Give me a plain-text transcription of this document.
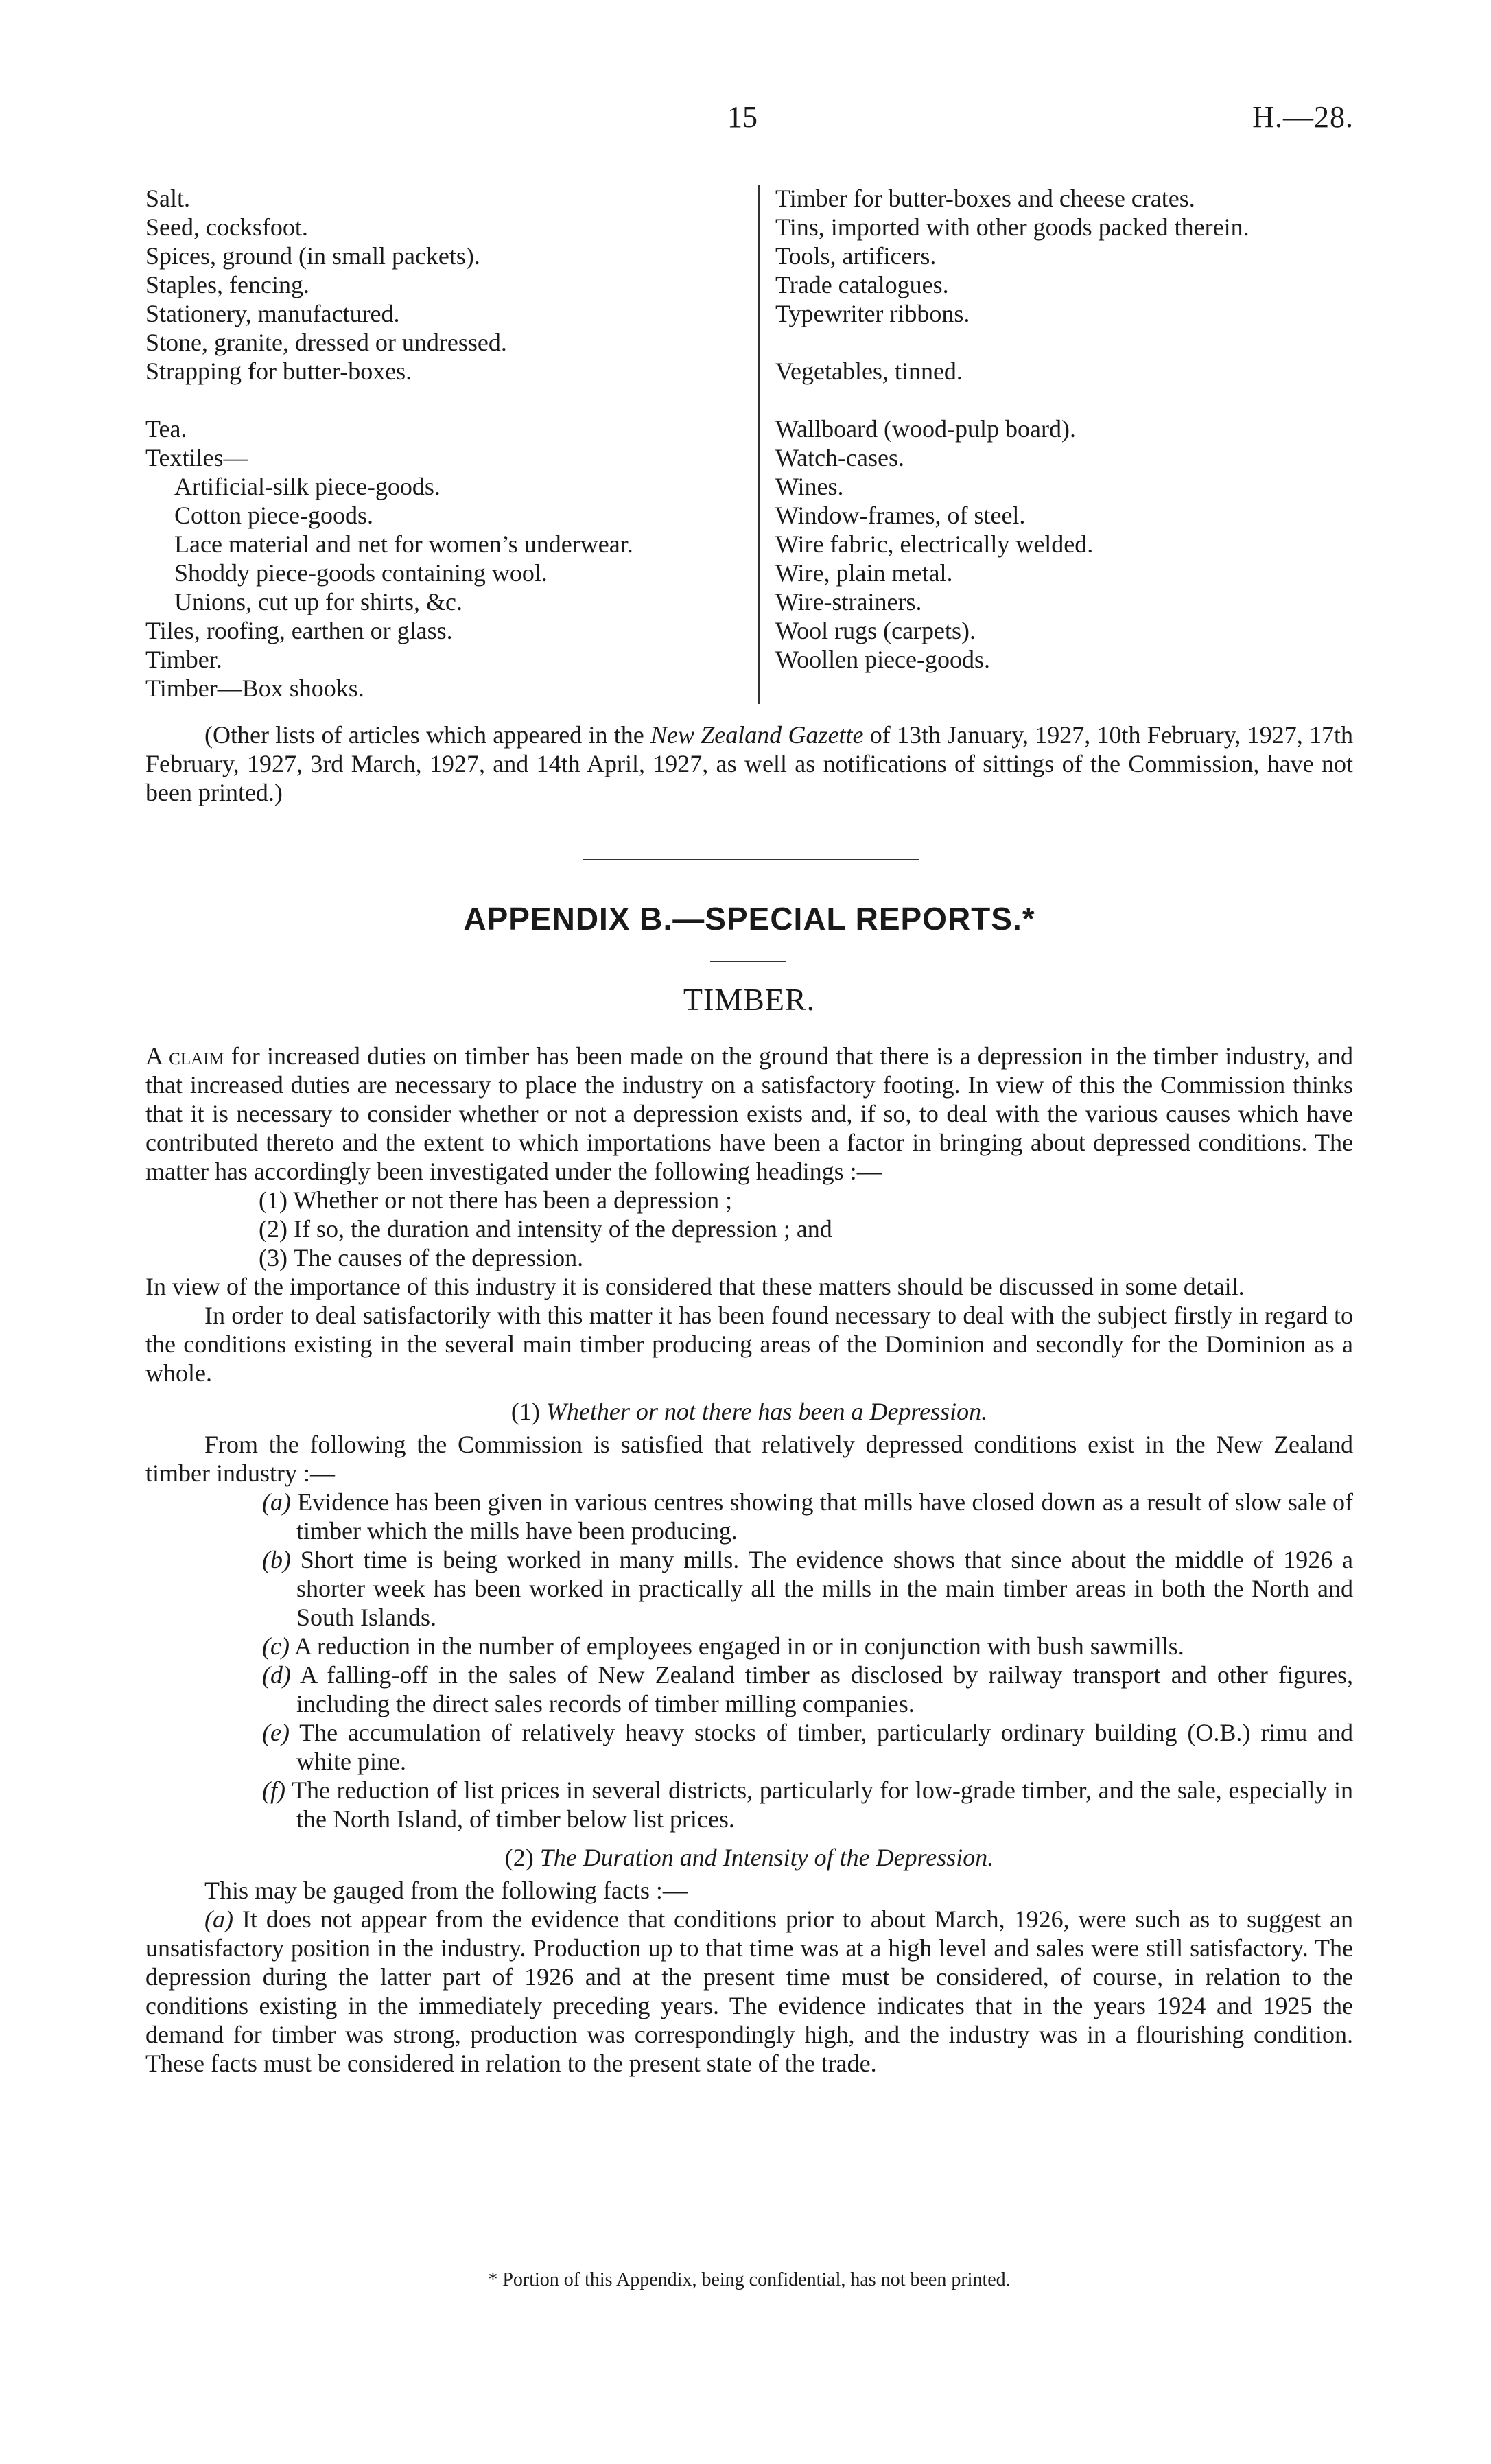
15	H.—28.
Salt.
Seed, cocksfoot.
Spices, ground (in small packets).
Staples, fencing.
Stationery, manufactured.
Stone, granite, dressed or undressed.
Strapping for butter-boxes.
Tea.
Textiles—
Artificial-silk piece-goods.
Cotton piece-goods.
Lace material and net for women’s underwear.
Shoddy piece-goods containing wool.
Unions, cut up for shirts, &c.
Tiles, roofing, earthen or glass.
Timber.
Timber—Box shooks.
Timber for butter-boxes and cheese crates.
Tins, imported with other goods packed therein.
Tools, artificers.
Trade catalogues.
Typewriter ribbons.
Vegetables, tinned.
Wallboard (wood-pulp board).
Watch-cases.
Wines.
Window-frames, of steel.
Wire fabric, electrically welded.
Wire, plain metal.
Wire-strainers.
Wool rugs (carpets).
Woollen piece-goods.
(Other lists of articles which appeared in the New Zealand Gazette of 13th January, 1927, 10th February, 1927, 17th February, 1927, 3rd March, 1927, and 14th April, 1927, as well as notifications of sittings of the Commission, have not been printed.)
APPENDIX B.—SPECIAL REPORTS.*
TIMBER.

A claim for increased duties on timber has been made on the ground that there is a depression in the timber industry, and that increased duties are necessary to place the industry on a satisfactory footing. In view of this the Commission thinks that it is necessary to consider whether or not a depression exists and, if so, to deal with the various causes which have contributed thereto and the extent to which importations have been a factor in bringing about depressed conditions. The matter has accordingly been investigated under the following headings :—

(1) Whether or not there has been a depression ;

(2) If so, the duration and intensity of the depression ; and

(3) The causes of the depression.

In view of the importance of this industry it is considered that these matters should be discussed in some detail.

In order to deal satisfactorily with this matter it has been found necessary to deal with the subject firstly in regard to the conditions existing in the several main timber producing areas of the Dominion and secondly for the Dominion as a whole.

(1) Whether or not there has been a Depression.

From the following the Commission is satisfied that relatively depressed conditions exist in the New Zealand timber industry :—

(a) Evidence has been given in various centres showing that mills have closed down as a result of slow sale of timber which the mills have been producing.

(b) Short time is being worked in many mills. The evidence shows that since about the middle of 1926 a shorter week has been worked in practically all the mills in the main timber areas in both the North and South Islands.

(c) A reduction in the number of employees engaged in or in conjunction with bush sawmills.

(d) A falling-off in the sales of New Zealand timber as disclosed by railway transport and other figures, including the direct sales records of timber milling companies.

(e) The accumulation of relatively heavy stocks of timber, particularly ordinary building (O.B.) rimu and white pine.

(f) The reduction of list prices in several districts, particularly for low-grade timber, and the sale, especially in the North Island, of timber below list prices.

(2) The Duration and Intensity of the Depression.

This may be gauged from the following facts :—

(a) It does not appear from the evidence that conditions prior to about March, 1926, were such as to suggest an unsatisfactory position in the industry. Production up to that time was at a high level and sales were still satisfactory. The depression during the latter part of 1926 and at the present time must be considered, of course, in relation to the conditions existing in the immediately preceding years. The evidence indicates that in the years 1924 and 1925 the demand for timber was strong, production was correspondingly high, and the industry was in a flourishing condition. These facts must be considered in relation to the present state of the trade.

* Portion of this Appendix, being confidential, has not been printed.
